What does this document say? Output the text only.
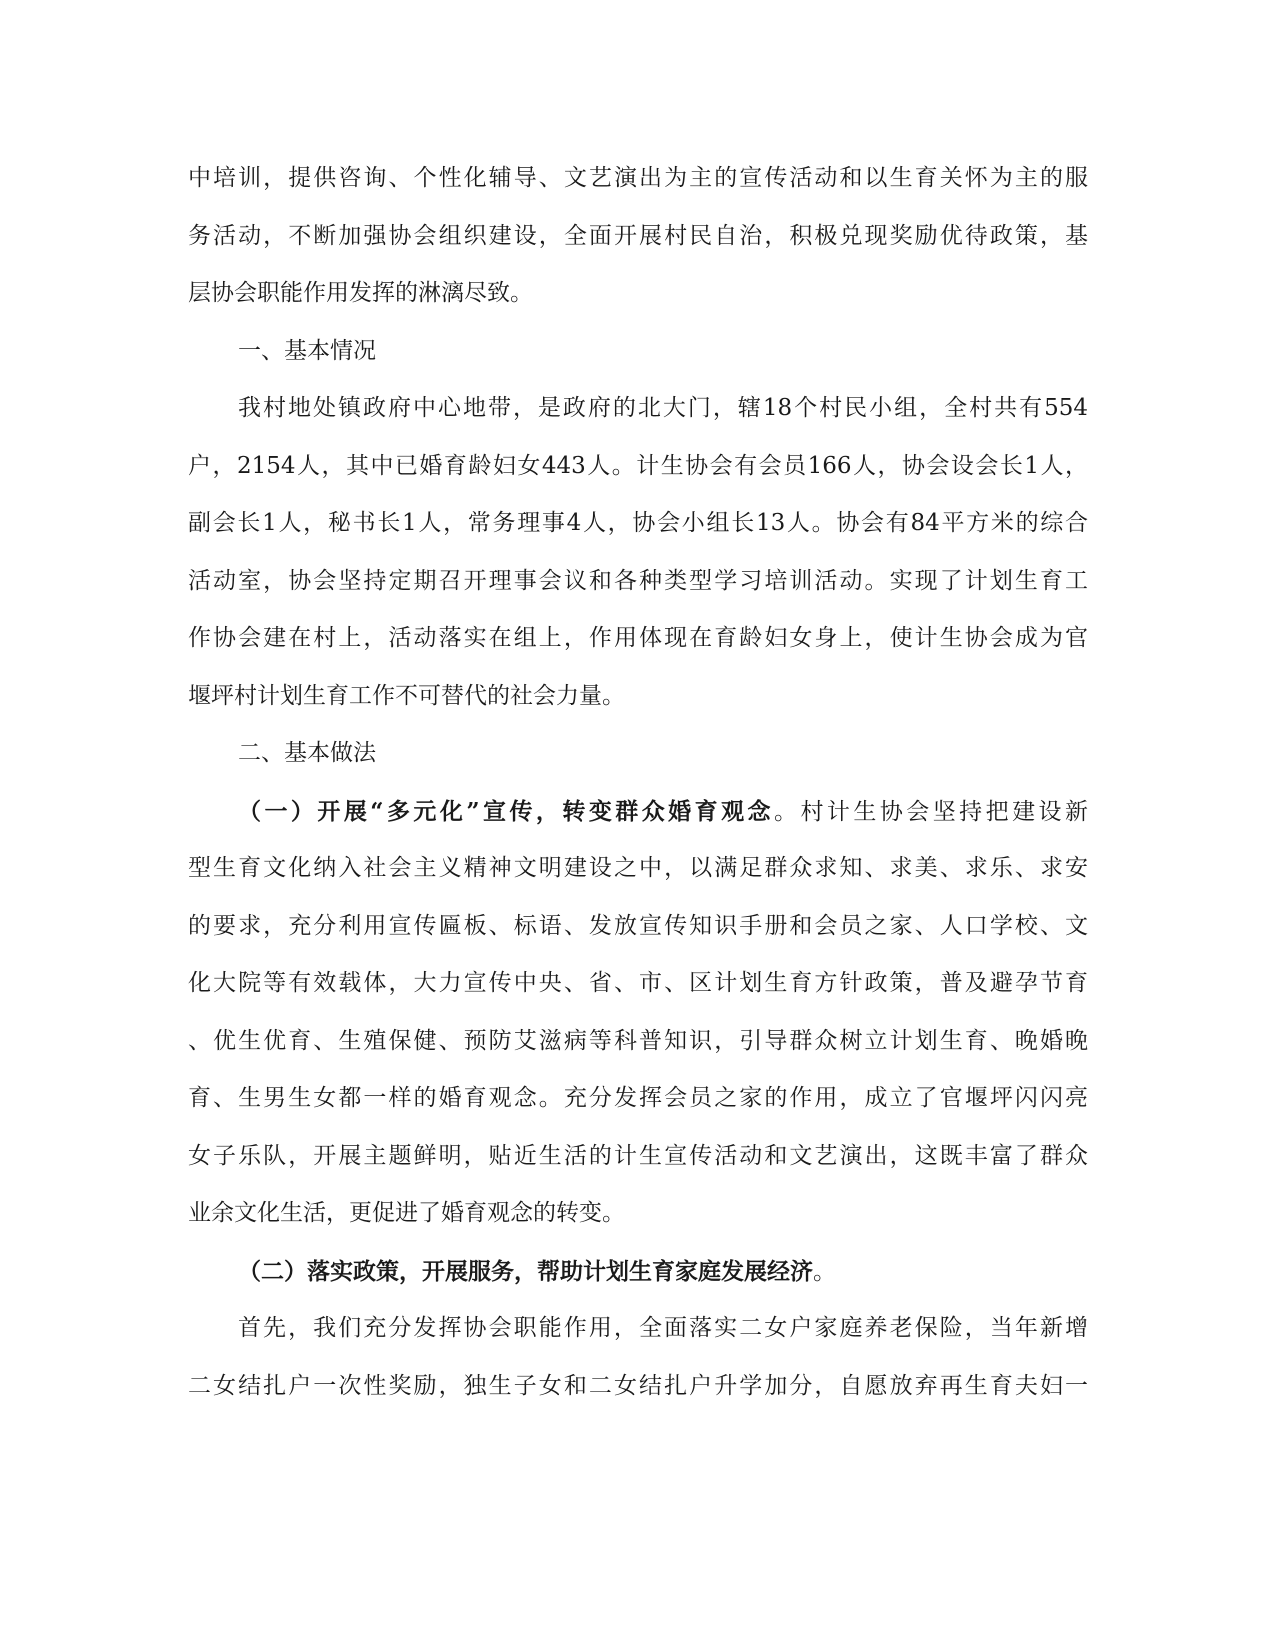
中培训，提供咨询、个性化辅导、文艺演出为主的宣传活动和以生育关怀为主的服
务活动，不断加强协会组织建设，全面开展村民自治，积极兑现奖励优待政策，基
层协会职能作用发挥的淋漓尽致。
一、基本情况
我村地处镇政府中心地带，是政府的北大门，辖18个村民小组，全村共有554
户，2154人，其中已婚育龄妇女443人。计生协会有会员166人，协会设会长1人，
副会长1人，秘书长1人，常务理事4人，协会小组长13人。协会有84平方米的综合
活动室，协会坚持定期召开理事会议和各种类型学习培训活动。实现了计划生育工
作协会建在村上，活动落实在组上，作用体现在育龄妇女身上，使计生协会成为官
堰坪村计划生育工作不可替代的社会力量。
二、基本做法
（一）开展“多元化”宣传，转变群众婚育观念。村计生协会坚持把建设新
型生育文化纳入社会主义精神文明建设之中，以满足群众求知、求美、求乐、求安
的要求，充分利用宣传匾板、标语、发放宣传知识手册和会员之家、人口学校、文
化大院等有效载体，大力宣传中央、省、市、区计划生育方针政策，普及避孕节育
、优生优育、生殖保健、预防艾滋病等科普知识，引导群众树立计划生育、晚婚晚
育、生男生女都一样的婚育观念。充分发挥会员之家的作用，成立了官堰坪闪闪亮
女子乐队，开展主题鲜明，贴近生活的计生宣传活动和文艺演出，这既丰富了群众
业余文化生活，更促进了婚育观念的转变。
（二）落实政策，开展服务，帮助计划生育家庭发展经济。
首先，我们充分发挥协会职能作用，全面落实二女户家庭养老保险，当年新增
二女结扎户一次性奖励，独生子女和二女结扎户升学加分，自愿放弃再生育夫妇一
